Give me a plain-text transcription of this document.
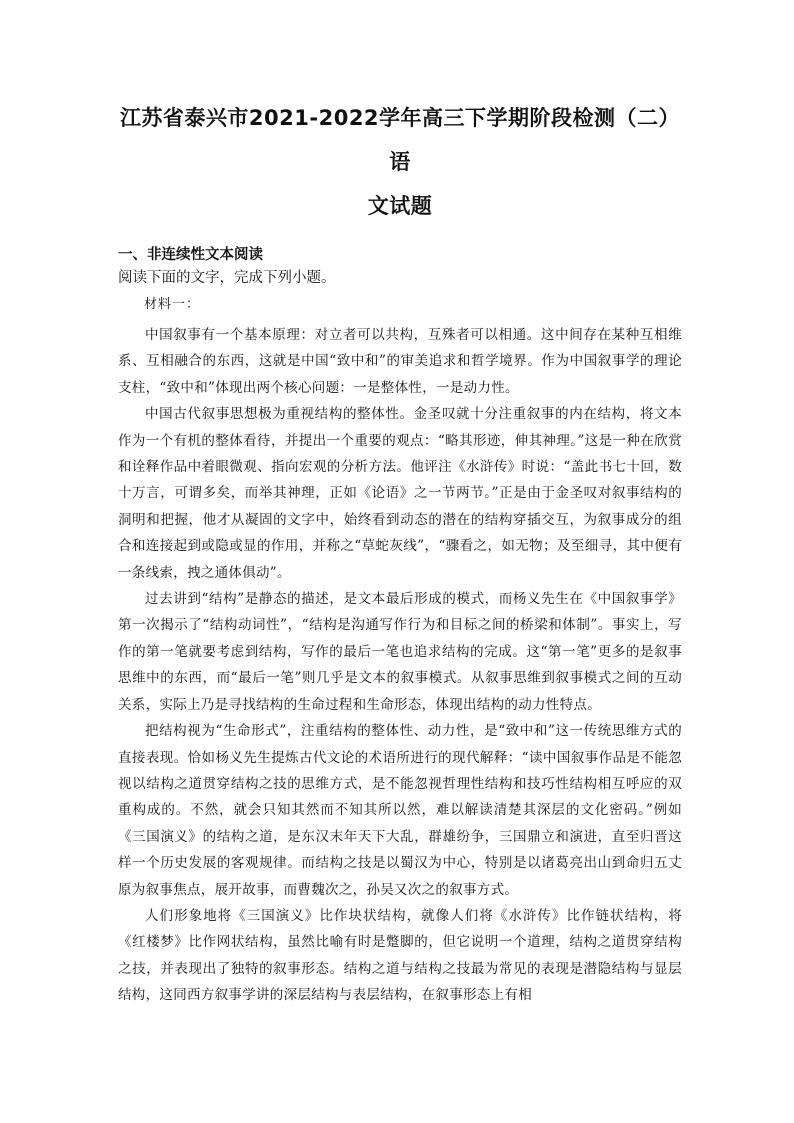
江苏省泰兴市2021-2022学年高三下学期阶段检测（二）语
文试题

一、非连续性文本阅读

阅读下面的文字，完成下列小题。

材料一：

中国叙事有一个基本原理：对立者可以共构，互殊者可以相通。这中间存在某种互相维系、互相融合的东西，这就是中国“致中和”的审美追求和哲学境界。作为中国叙事学的理论支柱，“致中和”体现出两个核心问题：一是整体性，一是动力性。

中国古代叙事思想极为重视结构的整体性。金圣叹就十分注重叙事的内在结构，将文本作为一个有机的整体看待，并提出一个重要的观点：“略其形迹，伸其神理。”这是一种在欣赏和诠释作品中着眼微观、指向宏观的分析方法。他评注《水浒传》时说：“盖此书七十回，数十万言，可谓多矣，而举其神理，正如《论语》之一节两节。”正是由于金圣叹对叙事结构的洞明和把握，他才从凝固的文字中，始终看到动态的潜在的结构穿插交互，为叙事成分的组合和连接起到或隐或显的作用，并称之“草蛇灰线”，“骤看之，如无物；及至细寻，其中便有一条线索，拽之通体俱动”。

过去讲到“结构”是静态的描述，是文本最后形成的模式，而杨义先生在《中国叙事学》第一次揭示了“结构动词性”，“结构是沟通写作行为和目标之间的桥梁和体制”。事实上，写作的第一笔就要考虑到结构，写作的最后一笔也追求结构的完成。这“第一笔”更多的是叙事思维中的东西，而“最后一笔”则几乎是文本的叙事模式。从叙事思维到叙事模式之间的互动关系，实际上乃是寻找结构的生命过程和生命形态，体现出结构的动力性特点。

把结构视为“生命形式”，注重结构的整体性、动力性，是“致中和”这一传统思维方式的直接表现。恰如杨义先生提炼古代文论的术语所进行的现代解释：“读中国叙事作品是不能忽视以结构之道贯穿结构之技的思维方式，是不能忽视哲理性结构和技巧性结构相互呼应的双重构成的。不然，就会只知其然而不知其所以然，难以解读清楚其深层的文化密码。”例如《三国演义》的结构之道，是东汉末年天下大乱，群雄纷争，三国鼎立和演进，直至归晋这样一个历史发展的客观规律。而结构之技是以蜀汉为中心，特别是以诸葛亮出山到命归五丈原为叙事焦点，展开故事，而曹魏次之，孙吴又次之的叙事方式。

人们形象地将《三国演义》比作块状结构，就像人们将《水浒传》比作链状结构，将《红楼梦》比作网状结构，虽然比喻有时是蹩脚的，但它说明一个道理，结构之道贯穿结构之技，并表现出了独特的叙事形态。结构之道与结构之技最为常见的表现是潜隐结构与显层结构，这同西方叙事学讲的深层结构与表层结构，在叙事形态上有相
